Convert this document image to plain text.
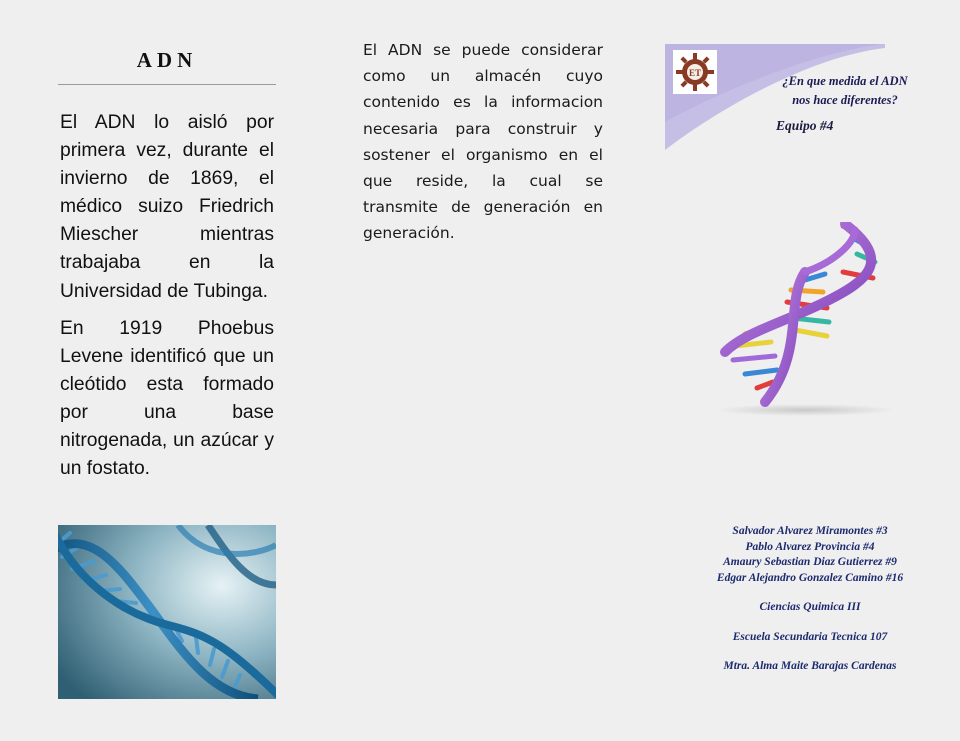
ADN

El ADN lo aisló por primera vez, durante el invierno de 1869, el médico suizo Friedrich Miescher mientras trabajaba en la Universidad de Tubinga.

En 1919 Phoebus Levene identificó que un cleótido esta formado por una base nitrogenada, un azúcar y un fostato.

El ADN se puede considerar como un almacén cuyo contenido es la informacion necesaria para construir y sostener el organismo en el que reside, la cual se transmite de generación en generación.
ET
¿En que medida el ADN
nos hace diferentes?
Equipo #4
Salvador Alvarez Miramontes #3
Pablo Alvarez Provincia #4
Amaury Sebastian Diaz Gutierrez #9
Edgar Alejandro Gonzalez Camino #16
Ciencias Quimica III
Escuela Secundaria Tecnica 107
Mtra. Alma Maite Barajas Cardenas
